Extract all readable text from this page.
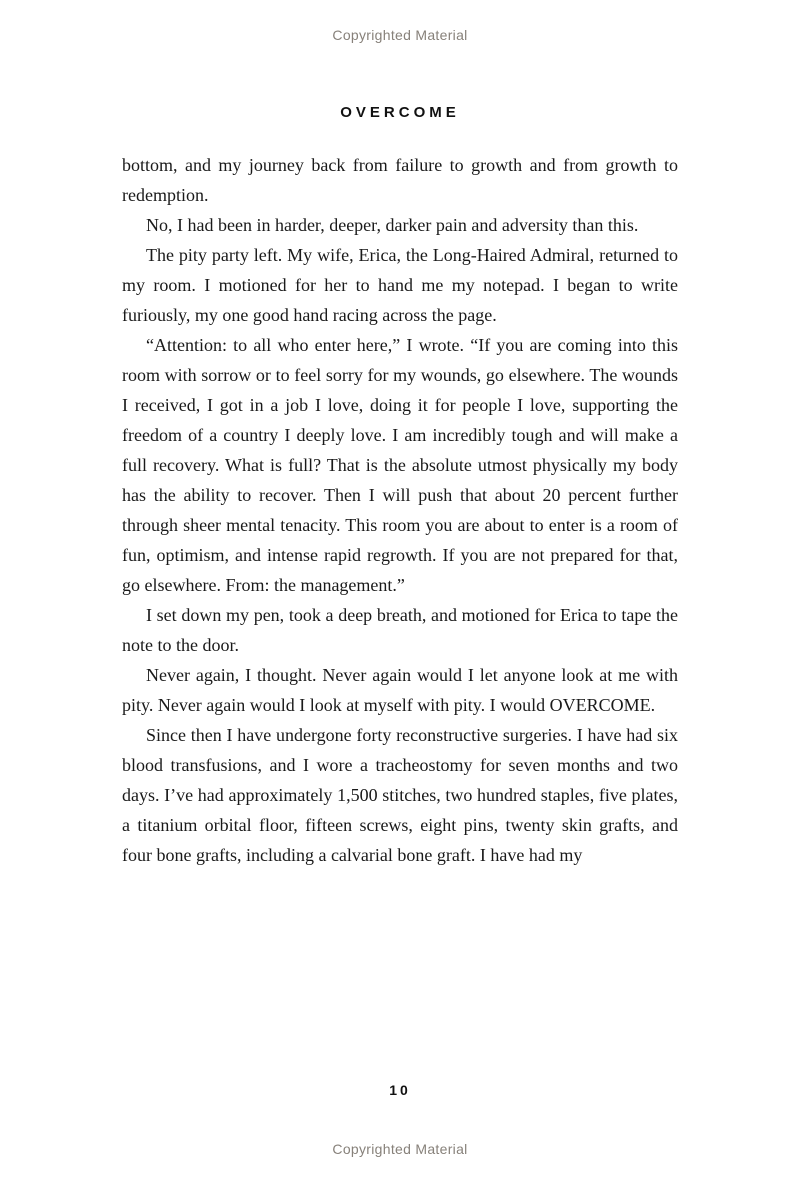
Copyrighted Material
OVERCOME

bottom, and my journey back from failure to growth and from growth to redemption.

No, I had been in harder, deeper, darker pain and adversity than this.

The pity party left. My wife, Erica, the Long-Haired Admiral, returned to my room. I motioned for her to hand me my notepad. I began to write furiously, my one good hand racing across the page.

“Attention: to all who enter here,” I wrote. “If you are coming into this room with sorrow or to feel sorry for my wounds, go elsewhere. The wounds I received, I got in a job I love, doing it for people I love, supporting the freedom of a country I deeply love. I am incredibly tough and will make a full recovery. What is full? That is the absolute utmost physically my body has the ability to recover. Then I will push that about 20 percent further through sheer mental tenacity. This room you are about to enter is a room of fun, optimism, and intense rapid regrowth. If you are not prepared for that, go elsewhere. From: the management.”

I set down my pen, took a deep breath, and motioned for Erica to tape the note to the door.

Never again, I thought. Never again would I let anyone look at me with pity. Never again would I look at myself with pity. I would OVERCOME.

Since then I have undergone forty reconstructive surgeries. I have had six blood transfusions, and I wore a tracheostomy for seven months and two days. I’ve had approximately 1,500 stitches, two hundred staples, five plates, a titanium orbital floor, fifteen screws, eight pins, twenty skin grafts, and four bone grafts, including a calvarial bone graft. I have had my

10
Copyrighted Material
